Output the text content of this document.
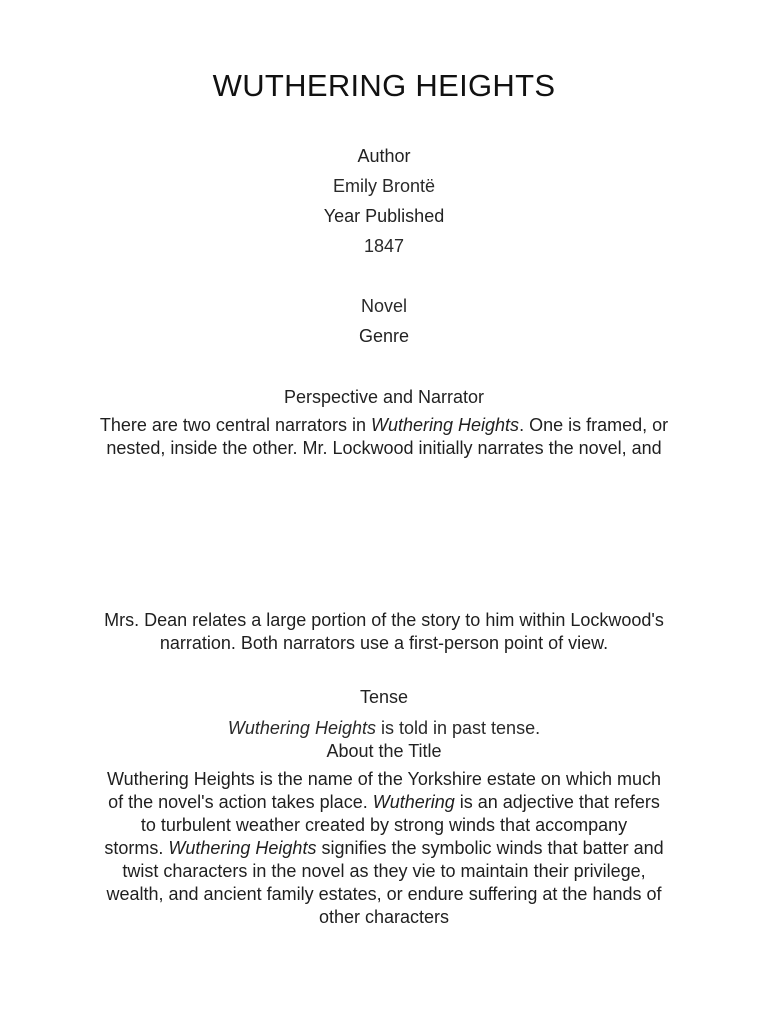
WUTHERING HEIGHTS
Author
Emily Brontë
Year Published
1847
Novel
Genre
Perspective and Narrator
There are two central narrators in Wuthering Heights. One is framed, or
nested, inside the other. Mr. Lockwood initially narrates the novel, and
Mrs. Dean relates a large portion of the story to him within Lockwood's
narration. Both narrators use a first-person point of view.
Tense
Wuthering Heights is told in past tense.
About the Title
Wuthering Heights is the name of the Yorkshire estate on which much
of the novel's action takes place. Wuthering is an adjective that refers
to turbulent weather created by strong winds that accompany
storms. Wuthering Heights signifies the symbolic winds that batter and
twist characters in the novel as they vie to maintain their privilege,
wealth, and ancient family estates, or endure suffering at the hands of
other characters
